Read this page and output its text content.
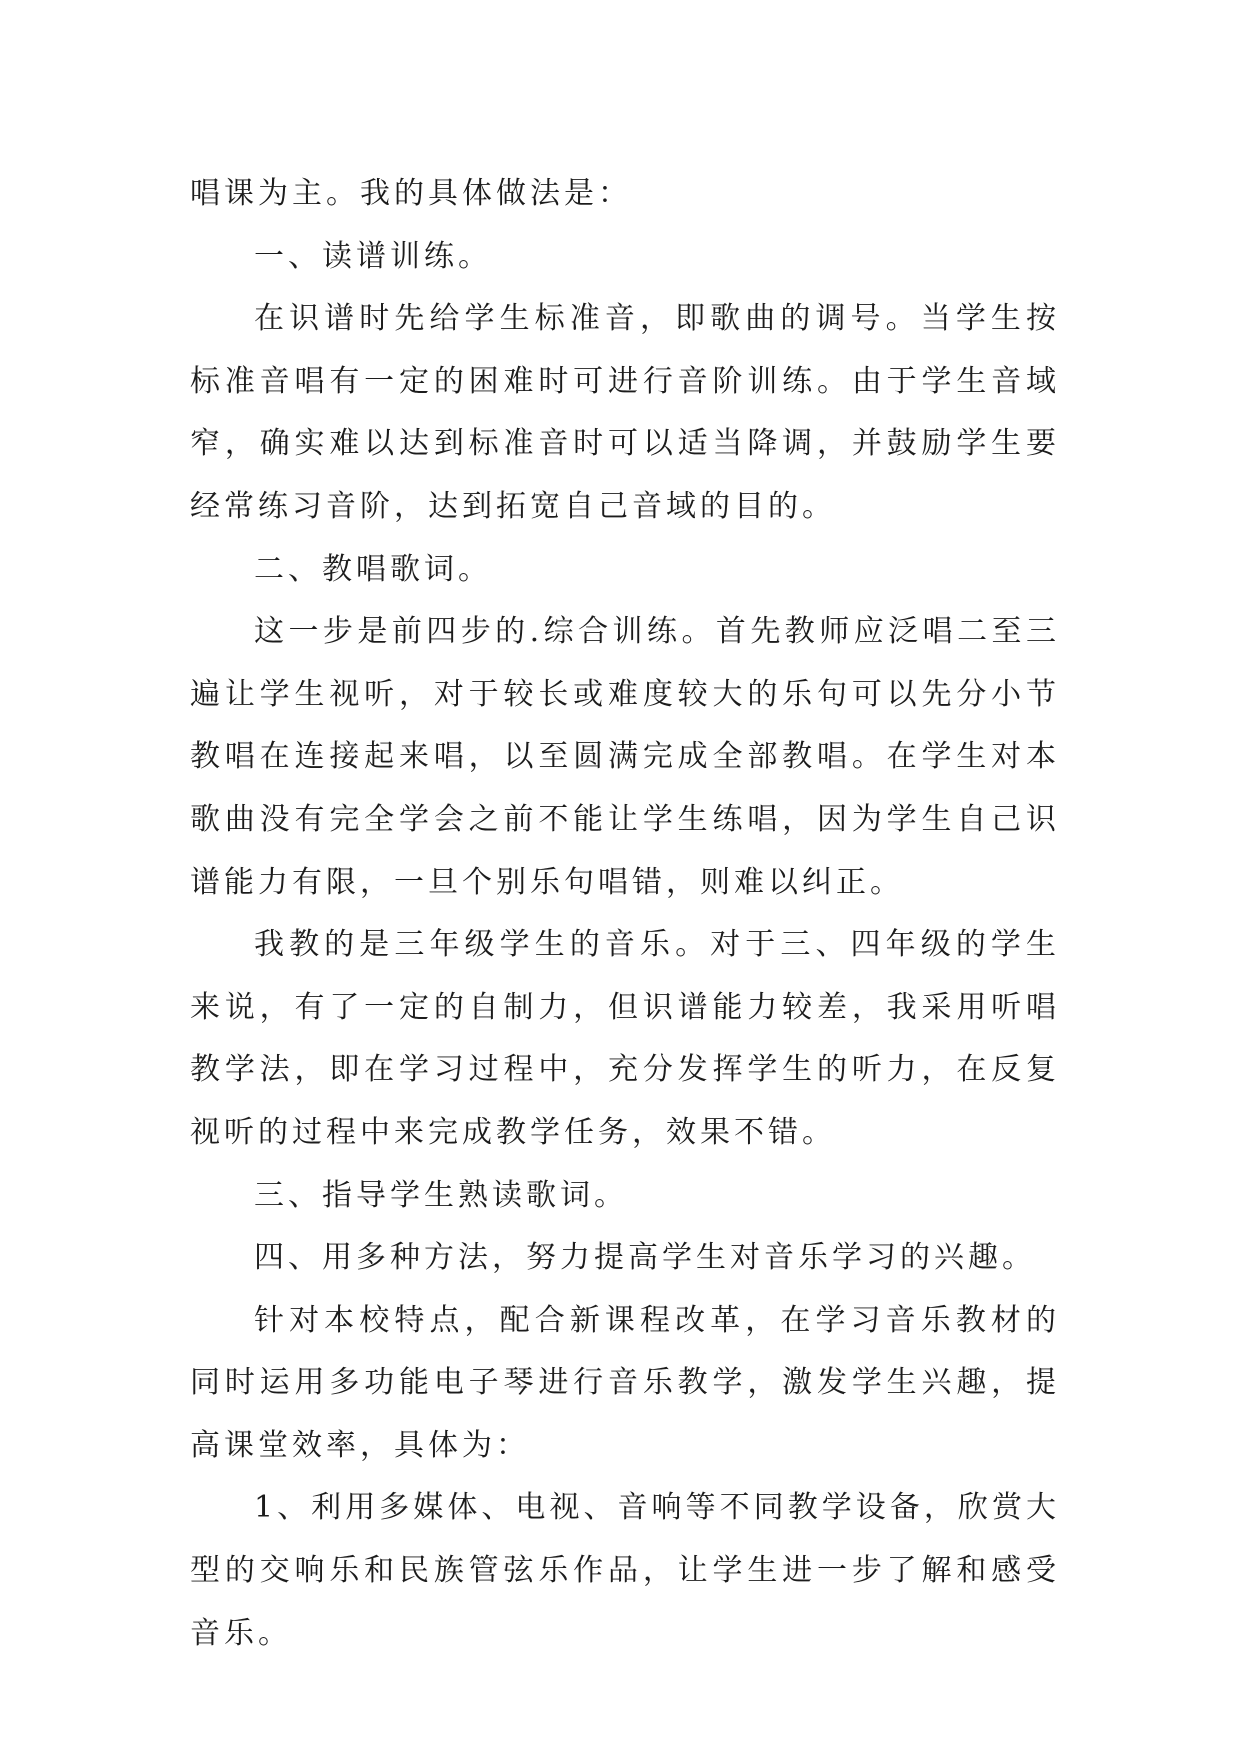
唱课为主。我的具体做法是：

一、读谱训练。

在识谱时先给学生标准音，即歌曲的调号。当学生按标准音唱有一定的困难时可进行音阶训练。由于学生音域窄，确实难以达到标准音时可以适当降调，并鼓励学生要经常练习音阶，达到拓宽自己音域的目的。

二、教唱歌词。

这一步是前四步的.综合训练。首先教师应泛唱二至三遍让学生视听，对于较长或难度较大的乐句可以先分小节教唱在连接起来唱，以至圆满完成全部教唱。在学生对本歌曲没有完全学会之前不能让学生练唱，因为学生自己识谱能力有限，一旦个别乐句唱错，则难以纠正。

我教的是三年级学生的音乐。对于三、四年级的学生来说，有了一定的自制力，但识谱能力较差，我采用听唱教学法，即在学习过程中，充分发挥学生的听力，在反复视听的过程中来完成教学任务，效果不错。

三、指导学生熟读歌词。

四、用多种方法，努力提高学生对音乐学习的兴趣。

针对本校特点，配合新课程改革，在学习音乐教材的同时运用多功能电子琴进行音乐教学，激发学生兴趣，提高课堂效率，具体为：

1、利用多媒体、电视、音响等不同教学设备，欣赏大型的交响乐和民族管弦乐作品，让学生进一步了解和感受音乐。
